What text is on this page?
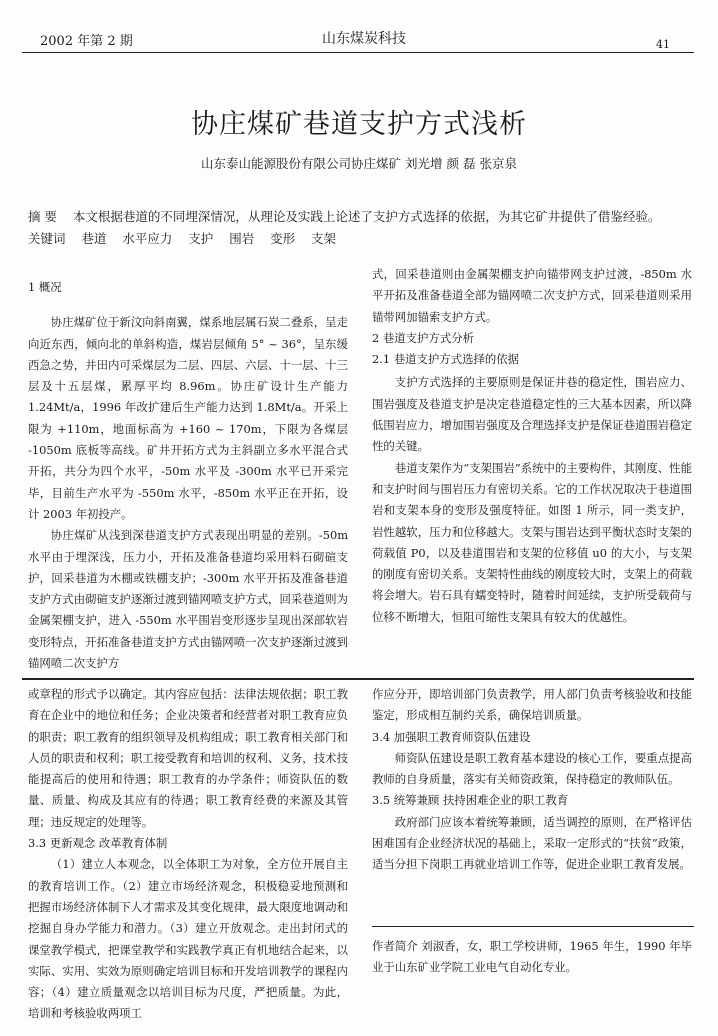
2002 年第 2 期	山东煤炭科技	41
协庄煤矿巷道支护方式浅析
山东泰山能源股份有限公司协庄煤矿 刘光增 颜 磊 张京泉
摘 要 本文根据巷道的不同埋深情况，从理论及实践上论述了支护方式选择的依据，为其它矿井提供了借鉴经验。
关键词 巷道 水平应力 支护 围岩 变形 支架

1 概况

协庄煤矿位于新汶向斜南翼，煤系地层属石炭二叠系，呈走向近东西，倾向北的单斜构造，煤岩层倾角 5° ~ 36°，呈东缓西急之势，井田内可采煤层为二层、四层、六层、十一层、十三层及十五层煤，累厚平均 8.96m。协庄矿设计生产能力 1.24Mt/a，1996 年改扩建后生产能力达到 1.8Mt/a。开采上限为 +110m，地面标高为 +160 ~ 170m，下限为各煤层 -1050m 底板等高线。矿井开拓方式为主斜副立多水平混合式开拓，共分为四个水平，-50m 水平及 -300m 水平已开采完毕，目前生产水平为 -550m 水平，-850m 水平正在开拓，设计 2003 年初投产。

协庄煤矿从浅到深巷道支护方式表现出明显的差别。-50m 水平由于埋深浅，压力小，开拓及准备巷道均采用料石砌碹支护，回采巷道为木棚或铁棚支护；-300m 水平开拓及准备巷道支护方式由砌碹支护逐渐过渡到锚网喷支护方式，回采巷道则为金属架棚支护，进入 -550m 水平围岩变形逐步呈现出深部软岩变形特点，开拓准备巷道支护方式由锚网喷一次支护逐渐过渡到锚网喷二次支护方

式，回采巷道则由金属架棚支护向锚带网支护过渡，-850m 水平开拓及准备巷道全部为锚网喷二次支护方式，回采巷道则采用锚带网加锚索支护方式。

2 巷道支护方式分析

2.1 巷道支护方式选择的依据

支护方式选择的主要原则是保证井巷的稳定性，围岩应力、围岩强度及巷道支护是决定巷道稳定性的三大基本因素，所以降低围岩应力，增加围岩强度及合理选择支护是保证巷道围岩稳定性的关键。

巷道支架作为“支架围岩”系统中的主要构件，其刚度、性能和支护时间与围岩压力有密切关系。它的工作状况取决于巷道围岩和支架本身的变形及强度特征。如图 1 所示，同一类支护，岩性越软，压力和位移越大。支架与围岩达到平衡状态时支架的荷载值 P0，以及巷道围岩和支架的位移值 u0 的大小，与支架的刚度有密切关系。支架特性曲线的刚度较大时，支架上的荷载将会增大。岩石具有蠕变特时，随着时间延续，支护所受载荷与位移不断增大，恒阻可缩性支架具有较大的优越性。

或章程的形式予以确定。其内容应包括：法律法规依据；职工教育在企业中的地位和任务；企业决策者和经营者对职工教育应负的职责；职工教育的组织领导及机构组成；职工教育相关部门和人员的职责和权利；职工接受教育和培训的权利、义务，技术技能提高后的使用和待遇；职工教育的办学条件；师资队伍的数量、质量、构成及其应有的待遇；职工教育经费的来源及其管理；违反规定的处理等。

3.3 更新观念 改革教育体制

（1）建立人本观念，以全体职工为对象，全方位开展自主的教育培训工作。（2）建立市场经济观念，积极稳妥地预测和把握市场经济体制下人才需求及其变化规律，最大限度地调动和挖掘自身办学能力和潜力。（3）建立开放观念。走出封闭式的课堂教学模式，把课堂教学和实践教学真正有机地结合起来，以实际、实用、实效为原则确定培训目标和开发培训教学的课程内容；（4）建立质量观念以培训目标为尺度，严把质量。为此，培训和考核验收两项工

作应分开，即培训部门负责教学，用人部门负责考核验收和技能鉴定，形成相互制约关系，确保培训质量。

3.4 加强职工教育师资队伍建设

师资队伍建设是职工教育基本建设的核心工作，要重点提高教师的自身质量，落实有关师资政策，保持稳定的教师队伍。

3.5 统筹兼顾 扶持困难企业的职工教育

政府部门应该本着统筹兼顾，适当调控的原则，在严格评估困难国有企业经济状况的基础上，采取一定形式的“扶贫”政策，适当分担下岗职工再就业培训工作等，促进企业职工教育发展。

作者简介 刘淑香，女，职工学校讲师，1965 年生，1990 年毕业于山东矿业学院工业电气自动化专业。
